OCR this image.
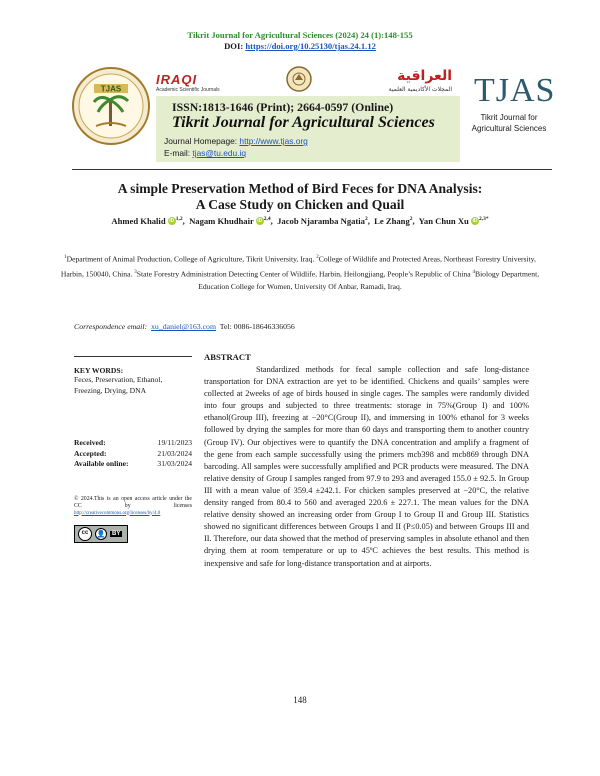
Tikrit Journal for Agricultural Sciences (2024) 24 (1):148-155
DOI: https://doi.org/10.25130/tjas.24.1.12
TJAS
IRAQI
Academic Scientific Journals
العراقية
المجلات الأكاديمية العلمية
ISSN:1813-1646 (Print); 2664-0597 (Online)
Tikrit Journal for Agricultural Sciences
Journal Homepage: http://www.tjas.org
E-mail: tjas@tu.edu.iq
TJAS
Tikrit Journal for Agricultural Sciences
A simple Preservation Method of Bird Feces for DNA Analysis:
A Case Study on Chicken and Quail
Ahmed Khalid iD $^{1,2}$,  Nagam Khudhair iD $^{2,4}$,  Jacob Njaramba Ngatia$^2$,  Le Zhang$^2$,  Yan Chun Xu iD $^{2,3*}$
$^1$Department of Animal Production, College of Agriculture, Tikrit University, Iraq. $^2$College of Wildlife and Protected Areas, Northeast Forestry University, Harbin, 150040, China. $^3$State Forestry Administration Detecting Center of Wildlife, Harbin, Heilongjiang, People’s Republic of China $^4$Biology Department, Education College for Women, University Of Anbar, Ramadi, Iraq.
Correspondence email: xu_daniel@163.com Tel: 0086-18646336056
KEY WORDS:
Feces, Preservation, Ethanol, Freezing, Drying, DNA
Received:	19/11/2023
Accepted:	21/03/2024
Available online:	31/03/2024
© 2024.This is an open access article under the CC by licenses http://creativecommons.org/licenses/by/4.0
cc	👤	BY
ABSTRACT
Standardized methods for fecal sample collection and safe long-distance transportation for DNA extraction are yet to be identified. Chickens and quails’ samples were collected at 2weeks of age of birds housed in single cages. The samples were randomly divided into four groups and subjected to three treatments: storage in 75%(Group I) and 100% ethanol(Group III), freezing at −20°C(Group II), and immersing in 100% ethanol for 3 weeks followed by drying the samples for more than 60 days and transporting them to another country (Group IV). Our objectives were to quantify the DNA concentration and amplify a fragment of the gene from each sample successfully using the primers mcb398 and mcb869 through DNA barcoding. All samples were successfully amplified and PCR products were measured. The DNA relative density of Group I samples ranged from 97.9 to 293 and averaged 155.0 ± 92.5. In Group III with a mean value of 359.4 ±242.1. For chicken samples preserved at −20°C, the relative density ranged from 80.4 to 560 and averaged 220.6 ± 227.1. The mean values for the DNA relative density showed an increasing order from Group I to Group II and Group III. Statistics showed no significant differences between Groups I and II (P≤0.05) and between Groups III and II. Therefore, our data showed that the method of preserving samples in absolute ethanol and then drying them at room temperature or up to 45ºC achieves the best results. This method is inexpensive and safe for long-distance transportation and at airports.
148
